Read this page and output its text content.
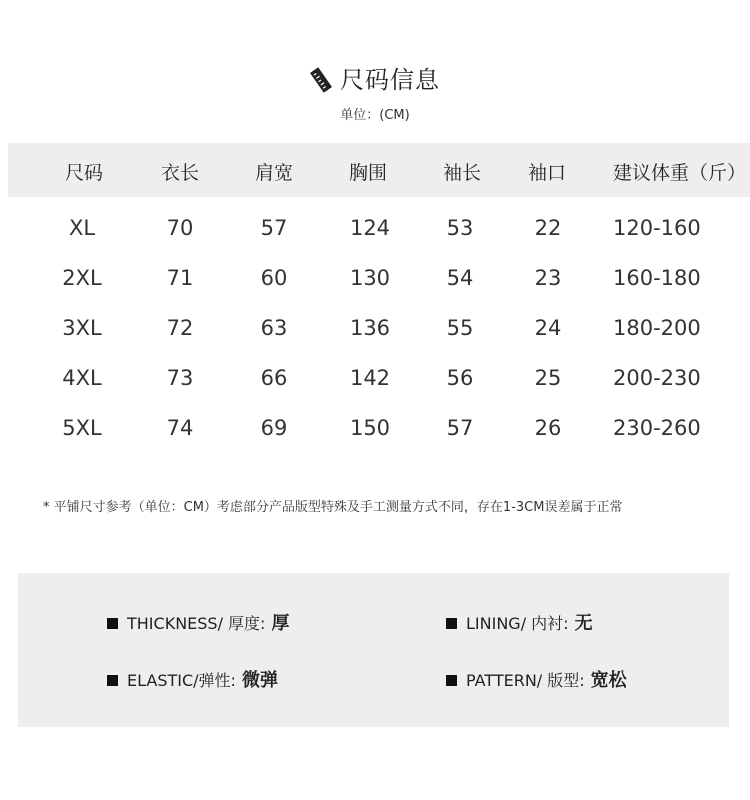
尺码信息
单位：(CM)
尺码	衣长	肩宽	胸围	袖长 袖口 建议体重（斤）
XL	70	57	124	53	22 120-160
2XL	71	60	130	54	23 160-180
3XL	72	63	136	55	24 180-200
4XL	73	66	142	56	25 200-230
5XL	74	69	150	57	26 230-260
* 平铺尺寸参考（单位：CM）考虑部分产品版型特殊及手工测量方式不同，存在1-3CM误差属于正常
THICKNESS/ 厚度: 厚	LINING/ 内衬: 无
ELASTIC/弹性: 微弹	PATTERN/ 版型: 宽松
